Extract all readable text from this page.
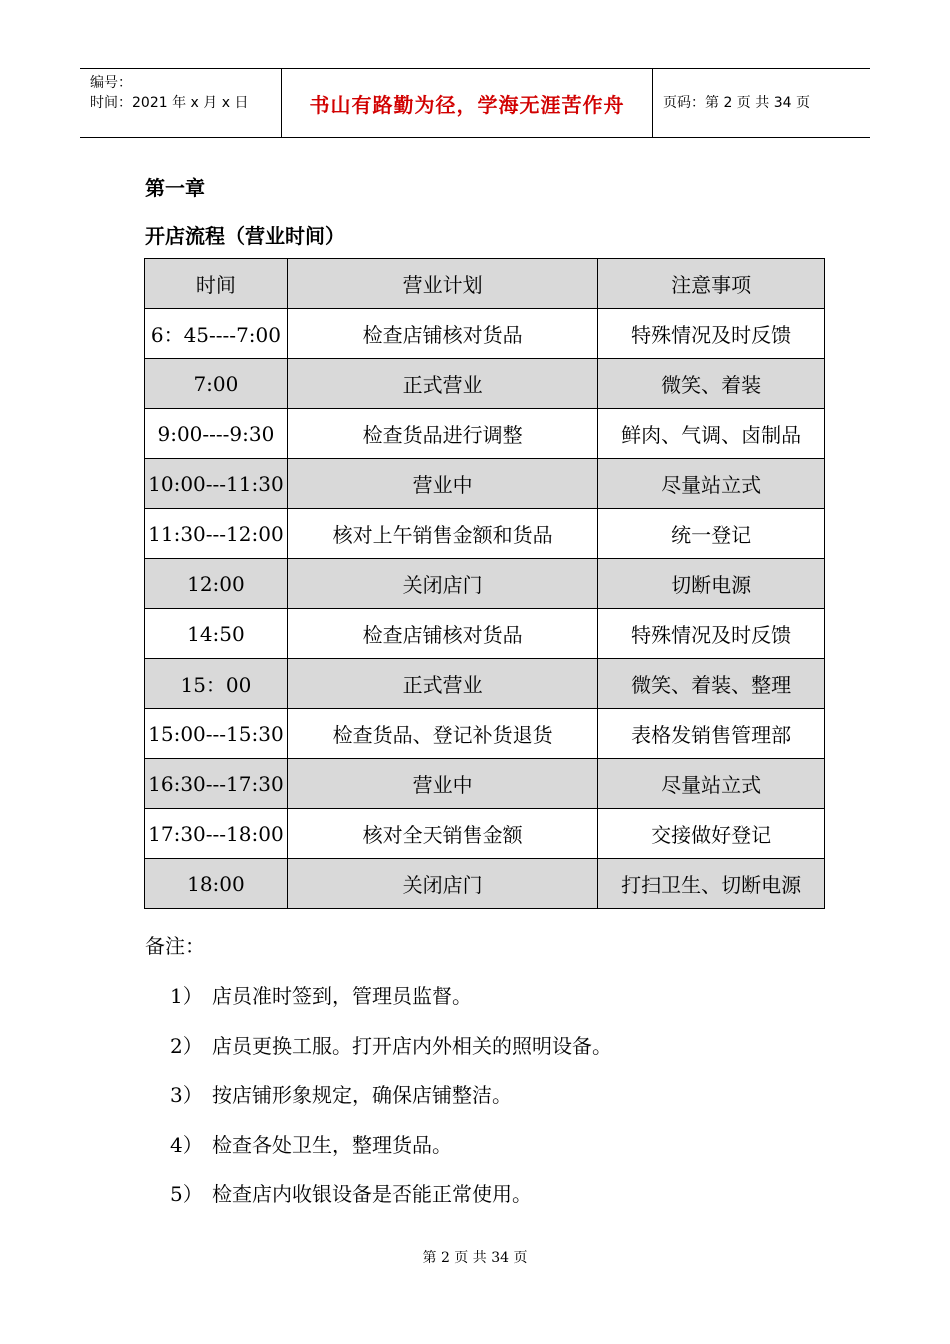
编号：
时间：2021 年 x 月 x 日	书山有路勤为径，学海无涯苦作舟	页码：第 2 页 共 34 页
第一章
开店流程（营业时间）
时间	营业计划	注意事项
6：45----7:00	检查店铺核对货品	特殊情况及时反馈
7:00	正式营业	微笑、着装
9:00----9:30	检查货品进行调整	鲜肉、气调、卤制品
10:00---11:30	营业中	尽量站立式
11:30---12:00	核对上午销售金额和货品	统一登记
12:00	关闭店门	切断电源
14:50	检查店铺核对货品	特殊情况及时反馈
15：00	正式营业	微笑、着装、整理
15:00---15:30	检查货品、登记补货退货	表格发销售管理部
16:30---17:30	营业中	尽量站立式
17:30---18:00	核对全天销售金额	交接做好登记
18:00	关闭店门	打扫卫生、切断电源
备注：
1） 店员准时签到，管理员监督。
2） 店员更换工服。打开店内外相关的照明设备。
3） 按店铺形象规定，确保店铺整洁。
4） 检查各处卫生，整理货品。
5） 检查店内收银设备是否能正常使用。
第 2 页 共 34 页
